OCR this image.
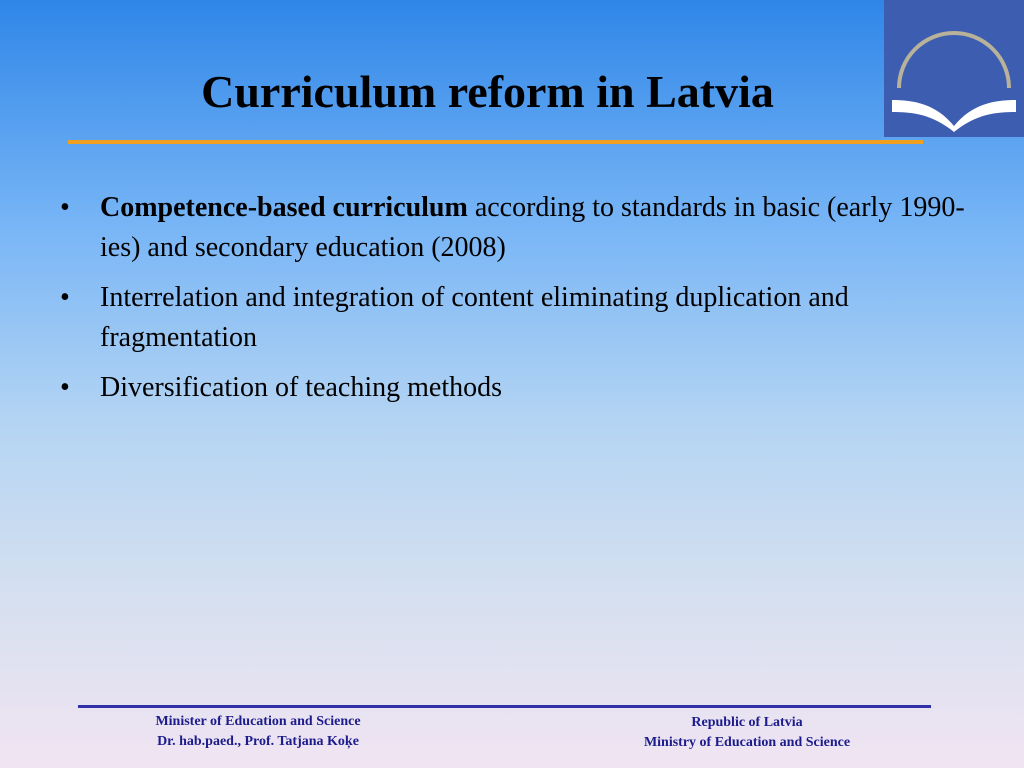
Curriculum reform in Latvia
•	Competence-based curriculum according to standards in basic (early 1990-ies) and secondary education (2008)
•	Interrelation and integration of content eliminating duplication and fragmentation
•	Diversification of teaching methods
Minister of Education and Science
Dr. hab.paed., Prof. Tatjana Koķe
Republic of Latvia
Ministry of Education and Science
